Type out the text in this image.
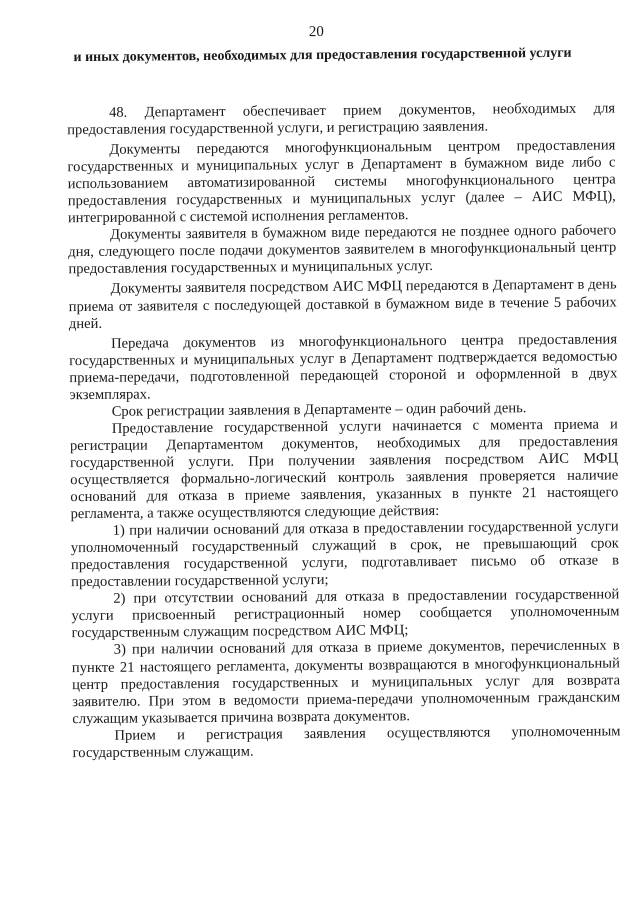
20
и иных документов, необходимых для предоставления государственной услуги

48. Департамент обеспечивает прием документов, необходимых для предоставления государственной услуги, и регистрацию заявления.

Документы передаются многофункциональным центром предоставления государственных и муниципальных услуг в Департамент в бумажном виде либо с использованием автоматизированной системы многофункционального центра предоставления государственных и муниципальных услуг (далее – АИС МФЦ), интегрированной с системой исполнения регламентов.

Документы заявителя в бумажном виде передаются не позднее одного рабочего дня, следующего после подачи документов заявителем в многофункциональный центр предоставления государственных и муниципальных услуг.

Документы заявителя посредством АИС МФЦ передаются в Департамент в день приема от заявителя с последующей доставкой в бумажном виде в течение 5 рабочих дней.

Передача документов из многофункционального центра предоставления государственных и муниципальных услуг в Департамент подтверждается ведомостью приема-передачи, подготовленной передающей стороной и оформленной в двух экземплярах.

Срок регистрации заявления в Департаменте – один рабочий день.

Предоставление государственной услуги начинается с момента приема и регистрации Департаментом документов, необходимых для предоставления государственной услуги. При получении заявления посредством АИС МФЦ осуществляется формально-логический контроль заявления проверяется наличие оснований для отказа в приеме заявления, указанных в пункте 21 настоящего регламента, а также осуществляются следующие действия:

1) при наличии оснований для отказа в предоставлении государственной услуги уполномоченный государственный служащий в срок, не превышающий срок предоставления государственной услуги, подготавливает письмо об отказе в предоставлении государственной услуги;

2) при отсутствии оснований для отказа в предоставлении государственной услуги присвоенный регистрационный номер сообщается уполномоченным государственным служащим посредством АИС МФЦ;

3) при наличии оснований для отказа в приеме документов, перечисленных в пункте 21 настоящего регламента, документы возвращаются в многофункциональный центр предоставления государственных и муниципальных услуг для возврата заявителю. При этом в ведомости приема-передачи уполномоченным гражданским служащим указывается причина возврата документов.

Прием и регистрация заявления осуществляются уполномоченным государственным служащим.
